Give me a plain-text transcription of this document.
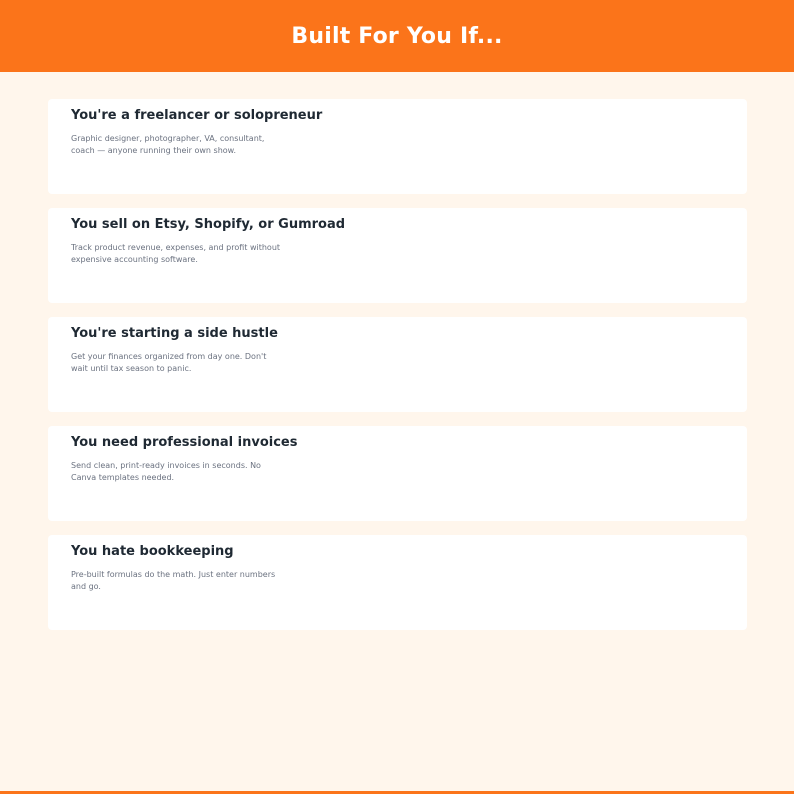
Built For You If...
You're a freelancer or solopreneur
Graphic designer, photographer, VA, consultant, coach — anyone running their own show.
You sell on Etsy, Shopify, or Gumroad
Track product revenue, expenses, and profit without expensive accounting software.
You're starting a side hustle
Get your finances organized from day one. Don't wait until tax season to panic.
You need professional invoices
Send clean, print-ready invoices in seconds. No Canva templates needed.
You hate bookkeeping
Pre-built formulas do the math. Just enter numbers and go.
